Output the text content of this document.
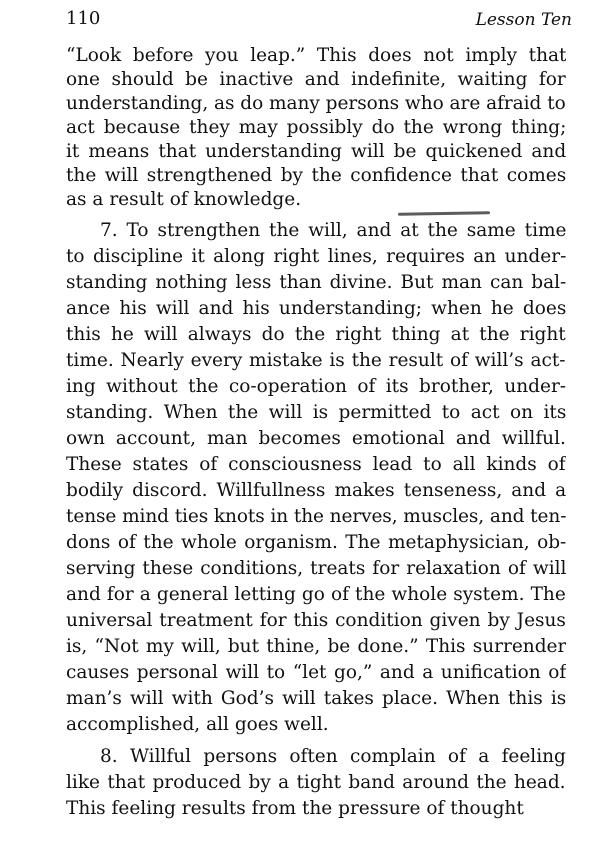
110	Lesson Ten
“Look before you leap.” This does not imply that
one should be inactive and indefinite, waiting for
understanding, as do many persons who are afraid to
act because they may possibly do the wrong thing;
it means that understanding will be quickened and
the will strengthened by the confidence that comes
as a result of knowledge.
7. To strengthen the will, and at the same time
to discipline it along right lines, requires an under-
standing nothing less than divine. But man can bal-
ance his will and his understanding; when he does
this he will always do the right thing at the right
time. Nearly every mistake is the result of will’s act-
ing without the co-operation of its brother, under-
standing. When the will is permitted to act on its
own account, man becomes emotional and willful.
These states of consciousness lead to all kinds of
bodily discord. Willfullness makes tenseness, and a
tense mind ties knots in the nerves, muscles, and ten-
dons of the whole organism. The metaphysician, ob-
serving these conditions, treats for relaxation of will
and for a general letting go of the whole system. The
universal treatment for this condition given by Jesus
is, “Not my will, but thine, be done.” This surrender
causes personal will to “let go,” and a unification of
man’s will with God’s will takes place. When this is
accomplished, all goes well.
8. Willful persons often complain of a feeling
like that produced by a tight band around the head.
This feeling results from the pressure of thought
